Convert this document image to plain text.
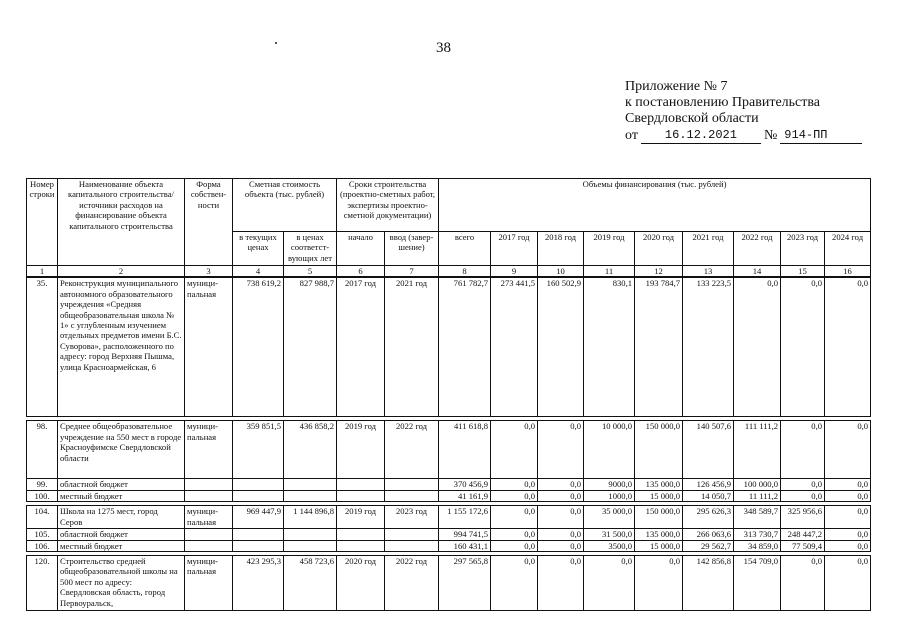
38
Приложение № 7
к постановлению Правительства
Свердловской области
от	16.12.2021	№ 914-ПП
Номер строки	Наименование объекта капитального строительства/ источники расходов на финансирование объекта капитального строительства	Форма собствен-ности	Сметная стоимость объекта (тыс. рублей)		Сроки строительства (проектно-сметных работ, экспертизы проектно-сметной документации)		Объемы финансирования (тыс. рублей)								
			в текущих ценах	в ценах соответст-вующих лет	начало	ввод (завер-шение)	всего	2017 год	2018 год	2019 год	2020 год	2021 год	2022 год	2023 год	2024 год
1	2	3	4	5	6	7	8	9	10	11	12	13	14	15	16
35.	Реконструкция муниципального автономного образовательного учреждения «Средняя общеобразовательная школа № 1» с углубленным изучением отдельных предметов имени Б.С. Суворова», расположенного по адресу: город Верхняя Пышма, улица Красноармейская, 6	муници-пальная	738 619,2	827 988,7	2017 год	2021 год	761 782,7	273 441,5	160 502,9	830,1	193 784,7	133 223,5	0,0	0,0	0,0

98.	Среднее общеобразовательное учреждение на 550 мест в городе Красноуфимске Свердловской области	муници-пальная	359 851,5	436 858,2	2019 год	2022 год	411 618,8	0,0	0,0	10 000,0	150 000,0	140 507,6	111 111,2	0,0	0,0
99.	областной бюджет						370 456,9	0,0	0,0	9000,0	135 000,0	126 456,9	100 000,0	0,0	0,0
100.	местный бюджет						41 161,9	0,0	0,0	1000,0	15 000,0	14 050,7	11 111,2	0,0	0,0

104.	Школа на 1275 мест, город Серов	муници-пальная	969 447,9	1 144 896,8	2019 год	2023 год	1 155 172,6	0,0	0,0	35 000,0	150 000,0	295 626,3	348 589,7	325 956,6	0,0
105.	областной бюджет						994 741,5	0,0	0,0	31 500,0	135 000,0	266 063,6	313 730,7	248 447,2	0,0
106.	местный бюджет						160 431,1	0,0	0,0	3500,0	15 000,0	29 562,7	34 859,0	77 509,4	0,0

120.	Строительство средней общеобразовательной школы на 500 мест по адресу: Свердловская область, город Первоуральск,	муници-пальная	423 295,3	458 723,6	2020 год	2022 год	297 565,8	0,0	0,0	0,0	0,0	142 856,8	154 709,0	0,0	0,0
